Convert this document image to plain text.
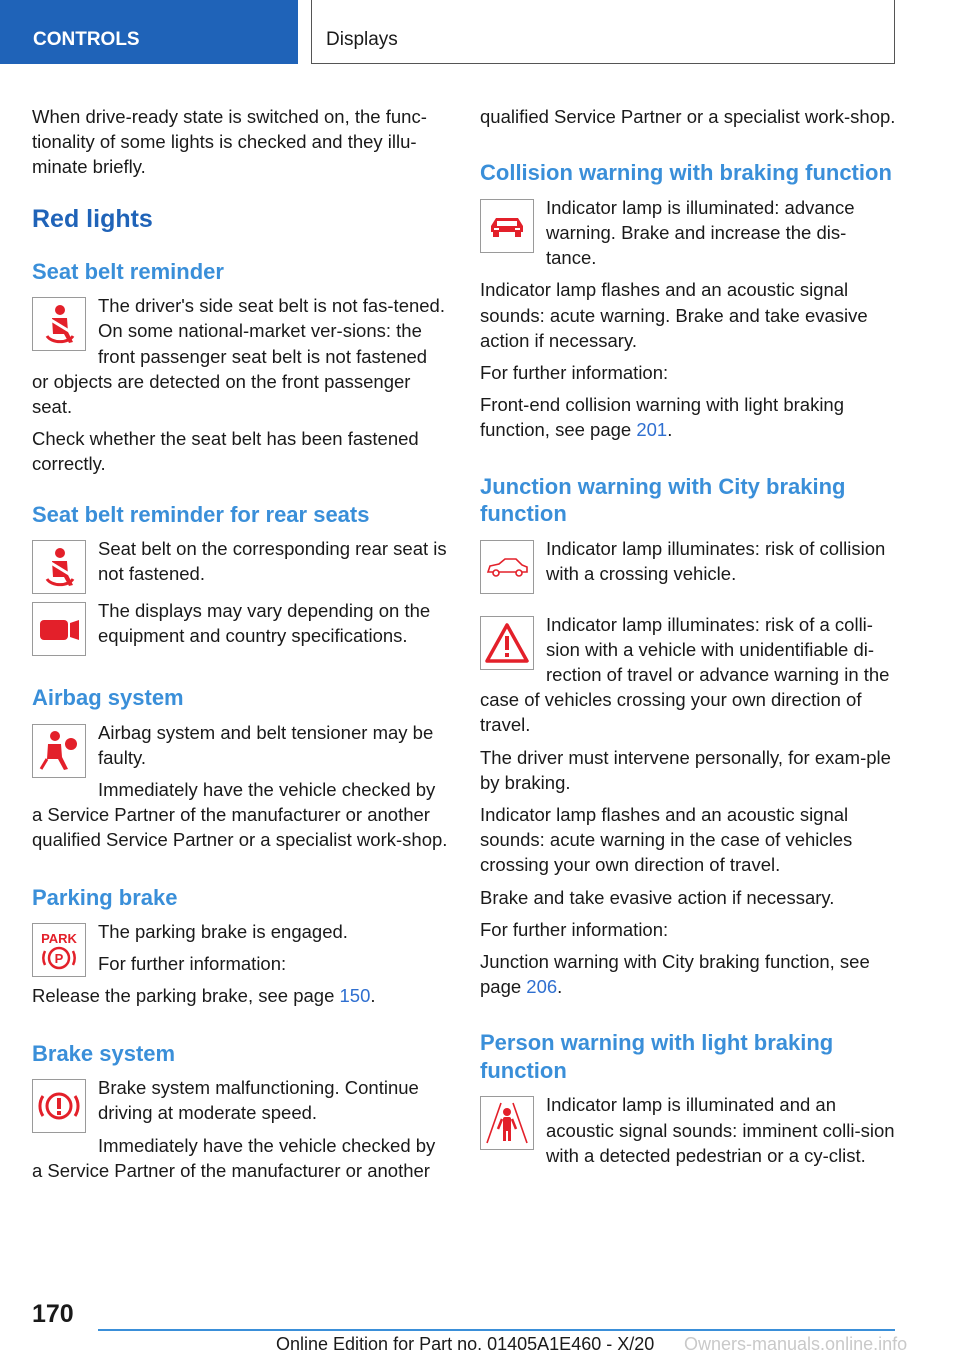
CONTROLS	Displays

When drive-ready state is switched on, the func-tionality of some lights is checked and they illu-minate briefly.

Red lights
Seat belt reminder

The driver's side seat belt is not fas-tened. On some national-market ver-sions: the front passenger seat belt is not fastened or objects are detected on the front passenger seat.

Check whether the seat belt has been fastened correctly.

Seat belt reminder for rear seats

Seat belt on the corresponding rear seat is not fastened.

The displays may vary depending on the equipment and country specifications.

Airbag system

Airbag system and belt tensioner may be faulty.

Immediately have the vehicle checked by a Service Partner of the manufacturer or another qualified Service Partner or a specialist work-shop.

Parking brake
PARK
P

The parking brake is engaged.

For further information:

Release the parking brake, see page 150.

Brake system

Brake system malfunctioning. Continue driving at moderate speed.

Immediately have the vehicle checked by a Service Partner of the manufacturer or another

qualified Service Partner or a specialist work-shop.

Collision warning with braking function

Indicator lamp is illuminated: advance warning. Brake and increase the dis-tance.

Indicator lamp flashes and an acoustic signal sounds: acute warning. Brake and take evasive action if necessary.

For further information:

Front-end collision warning with light braking function, see page 201.

Junction warning with City braking function

Indicator lamp illuminates: risk of collision with a crossing vehicle.

Indicator lamp illuminates: risk of a colli-sion with a vehicle with unidentifiable di-rection of travel or advance warning in the case of vehicles crossing your own direction of travel.

The driver must intervene personally, for exam-ple by braking.

Indicator lamp flashes and an acoustic signal sounds: acute warning in the case of vehicles crossing your own direction of travel.

Brake and take evasive action if necessary.

For further information:

Junction warning with City braking function, see page 206.

Person warning with light braking function

Indicator lamp is illuminated and an acoustic signal sounds: imminent colli-sion with a detected pedestrian or a cy-clist.

170
Online Edition for Part no. 01405A1E460 - X/20 Owners-manuals.online.info
